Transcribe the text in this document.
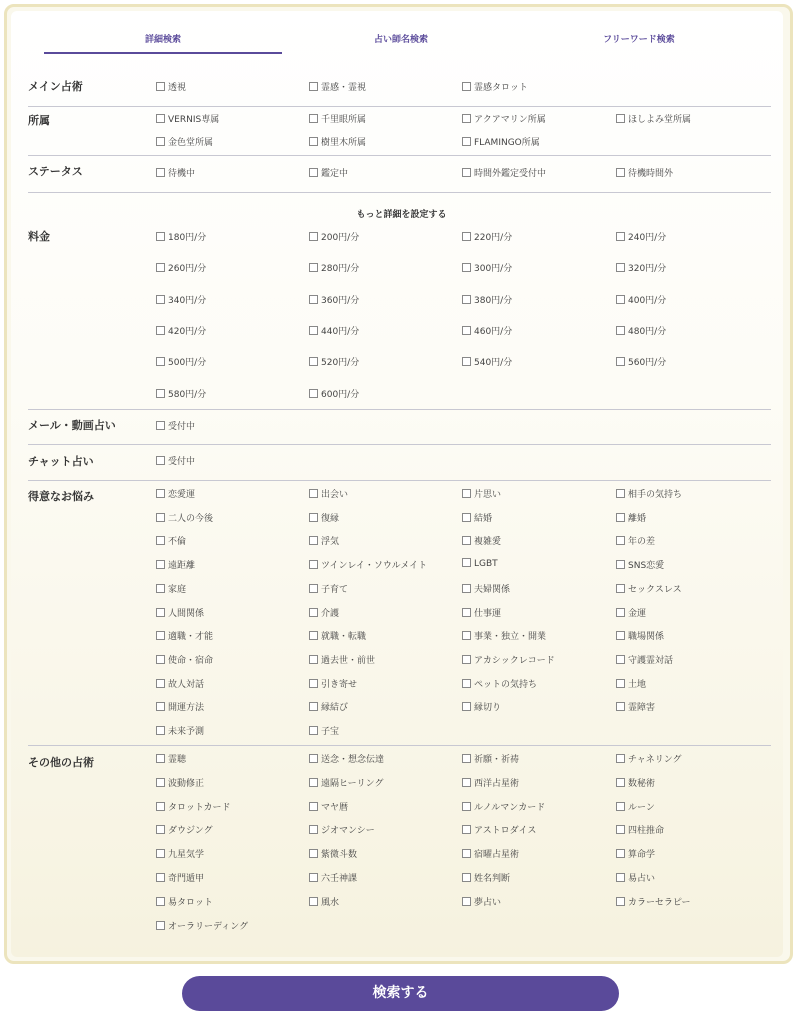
詳細検索	占い師名検索	フリーワード検索
メイン占術	透視	霊感・霊視	霊感タロット
所属	VERNIS専属	千里眼所属	アクアマリン所属	ほしよみ堂所属
金色堂所属	樹里木所属	FLAMINGO所属
ステータス	待機中	鑑定中	時間外鑑定受付中	待機時間外
もっと詳細を設定する
料金	180円/分	200円/分	220円/分	240円/分
260円/分	280円/分	300円/分	320円/分
340円/分	360円/分	380円/分	400円/分
420円/分	440円/分	460円/分	480円/分
500円/分	520円/分	540円/分	560円/分
580円/分	600円/分
メール・動画占い	受付中
チャット占い	受付中
得意なお悩み	恋愛運	出会い	片思い	相手の気持ち
二人の今後	復縁	結婚	離婚
不倫	浮気	複雑愛	年の差
遠距離	ツインレイ・ソウルメイト	LGBT	SNS恋愛
家庭	子育て	夫婦関係	セックスレス
人間関係	介護	仕事運	金運
適職・才能	就職・転職	事業・独立・開業	職場関係
使命・宿命	過去世・前世	アカシックレコード	守護霊対話
故人対話	引き寄せ	ペットの気持ち	土地
開運方法	縁結び	縁切り	霊障害
未来予測	子宝
その他の占術	霊聴	送念・想念伝達	祈願・祈祷	チャネリング
波動修正	遠隔ヒーリング	西洋占星術	数秘術
タロットカード	マヤ暦	ルノルマンカード	ルーン
ダウジング	ジオマンシー	アストロダイス	四柱推命
九星気学	紫微斗数	宿曜占星術	算命学
奇門遁甲	六壬神課	姓名判断	易占い
易タロット	風水	夢占い	カラーセラピー
オーラリーディング
検索する
